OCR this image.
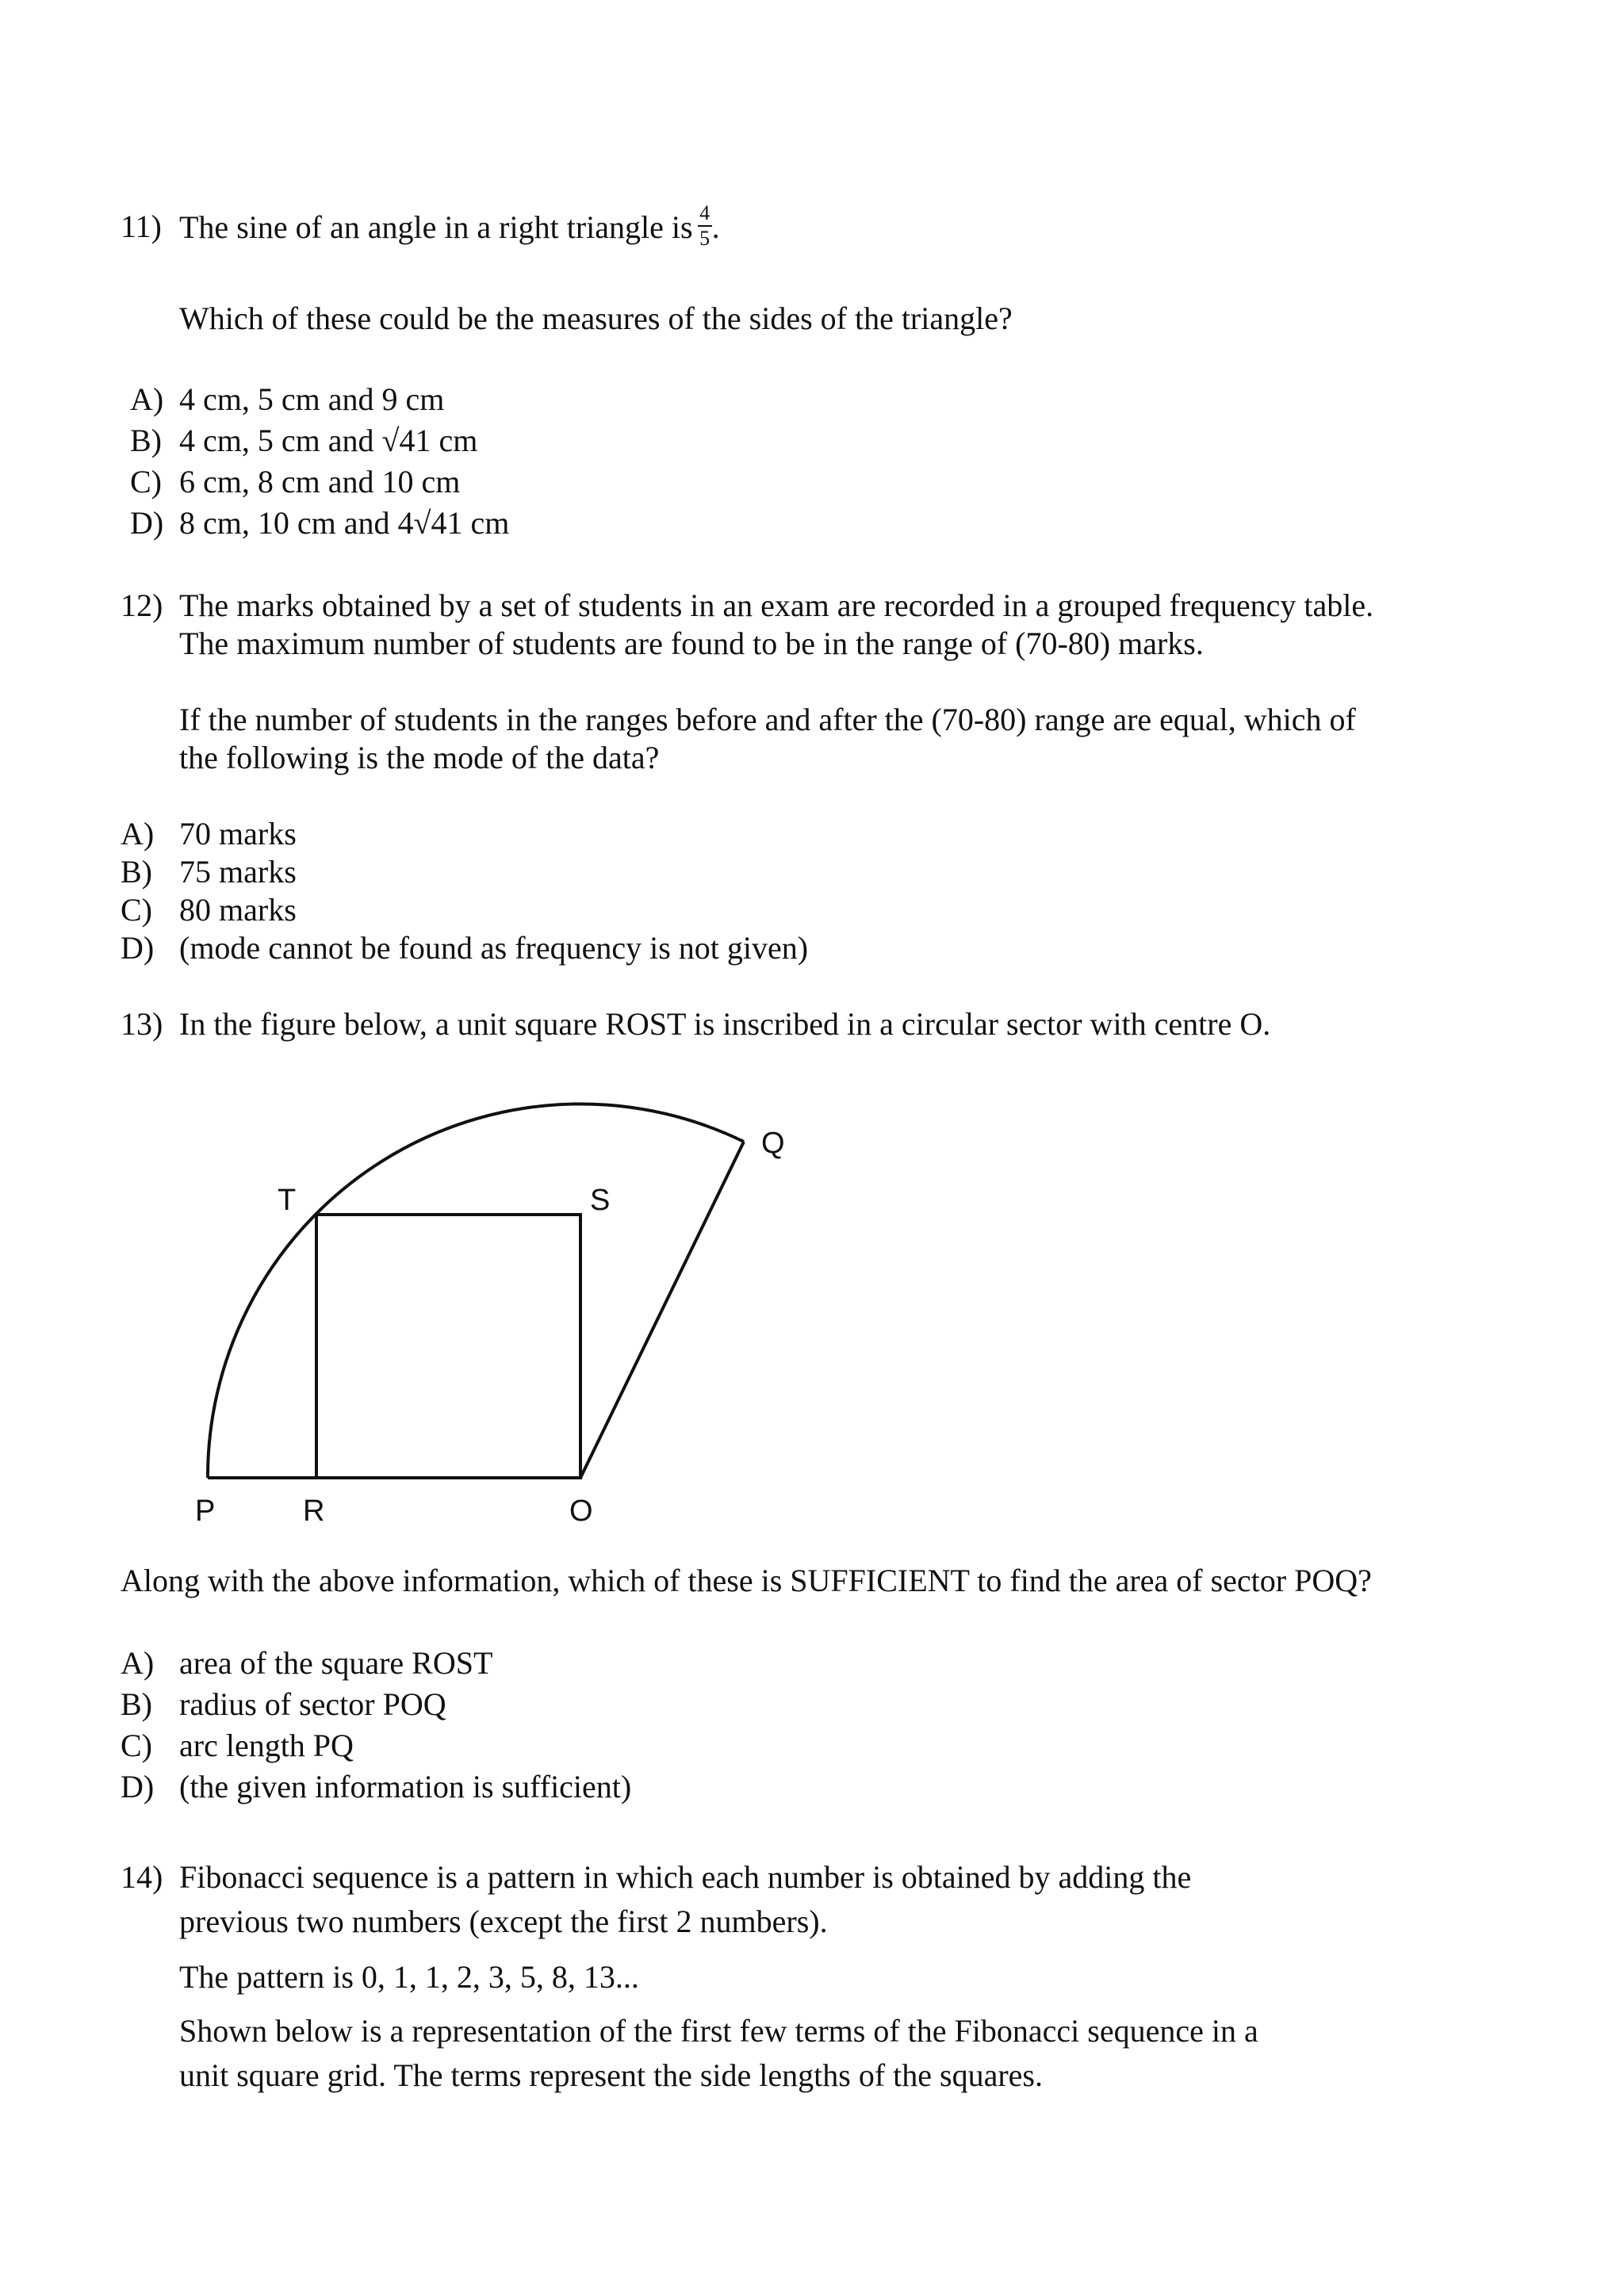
11) The sine of an angle in a right triangle is $\frac{4}{5}$ .
Which of these could be the measures of the sides of the triangle?
A) 4 cm, 5 cm and 9 cm
B) 4 cm, 5 cm and √41 cm
C) 6 cm, 8 cm and 10 cm
D) 8 cm, 10 cm and 4√41 cm
12) The marks obtained by a set of students in an exam are recorded in a grouped frequency table.
The maximum number of students are found to be in the range of (70-80) marks.
If the number of students in the ranges before and after the (70-80) range are equal, which of
the following is the mode of the data?
A) 70 marks
B) 75 marks
C) 80 marks
D) (mode cannot be found as frequency is not given)
13) In the figure below, a unit square ROST is inscribed in a circular sector with centre O.
P	R	O
T	S
Q
Along with the above information, which of these is SUFFICIENT to find the area of sector POQ?
A) area of the square ROST
B) radius of sector POQ
C) arc length PQ
D) (the given information is sufficient)
14) Fibonacci sequence is a pattern in which each number is obtained by adding the
previous two numbers (except the first 2 numbers).
The pattern is 0, 1, 1, 2, 3, 5, 8, 13...
Shown below is a representation of the first few terms of the Fibonacci sequence in a
unit square grid. The terms represent the side lengths of the squares.
